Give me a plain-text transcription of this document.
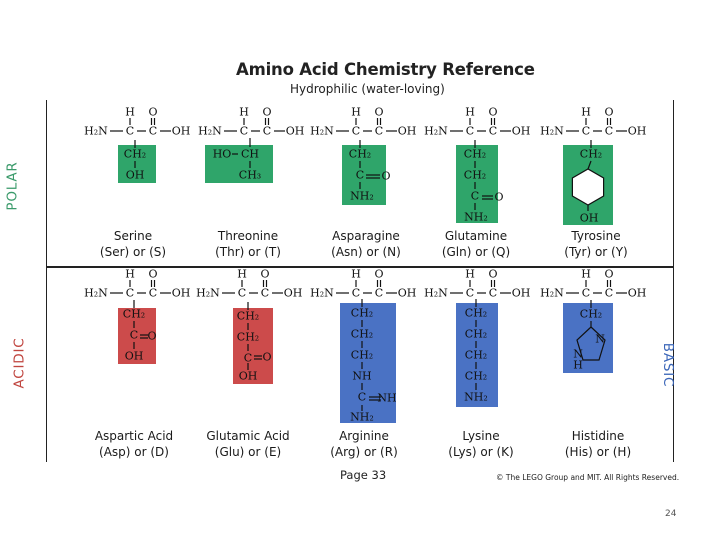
Amino Acid Chemistry Reference
Hydrophilic (water-loving)
POLAR
ACIDIC	BASIC
H₂N C C OH
H O
CH₂
OH
H₂N C C OH
H O
HO CH
CH₃
H₂N C C OH
H O
CH₂
C O
NH₂
H₂N C C OH
H O
CH₂
CH₂
C O
NH₂
H₂N C C OH
H O
CH₂
OH
H₂N C C OH
H O
CH₂
C O
OH
H₂N C C OH
H O
CH₂
CH₂
C O
OH
H₂N C C OH
H O
CH₂
CH₂
CH₂
NH
C NH
NH₂
H₂N C C OH
H O
CH₂
CH₂
CH₂
CH₂
NH₂
H₂N C C OH
H O
CH₂
N
H
N
Serine
(Ser) or (S)
Threonine
(Thr) or (T)
Asparagine
(Asn) or (N)
Glutamine
(Gln) or (Q)
Tyrosine
(Tyr) or (Y)
Aspartic Acid
(Asp) or (D)
Glutamic Acid
(Glu) or (E)
Arginine
(Arg) or (R)
Lysine
(Lys) or (K)
Histidine
(His) or (H)
Page 33	© The LEGO Group and MIT. All Rights Reserved.
24
